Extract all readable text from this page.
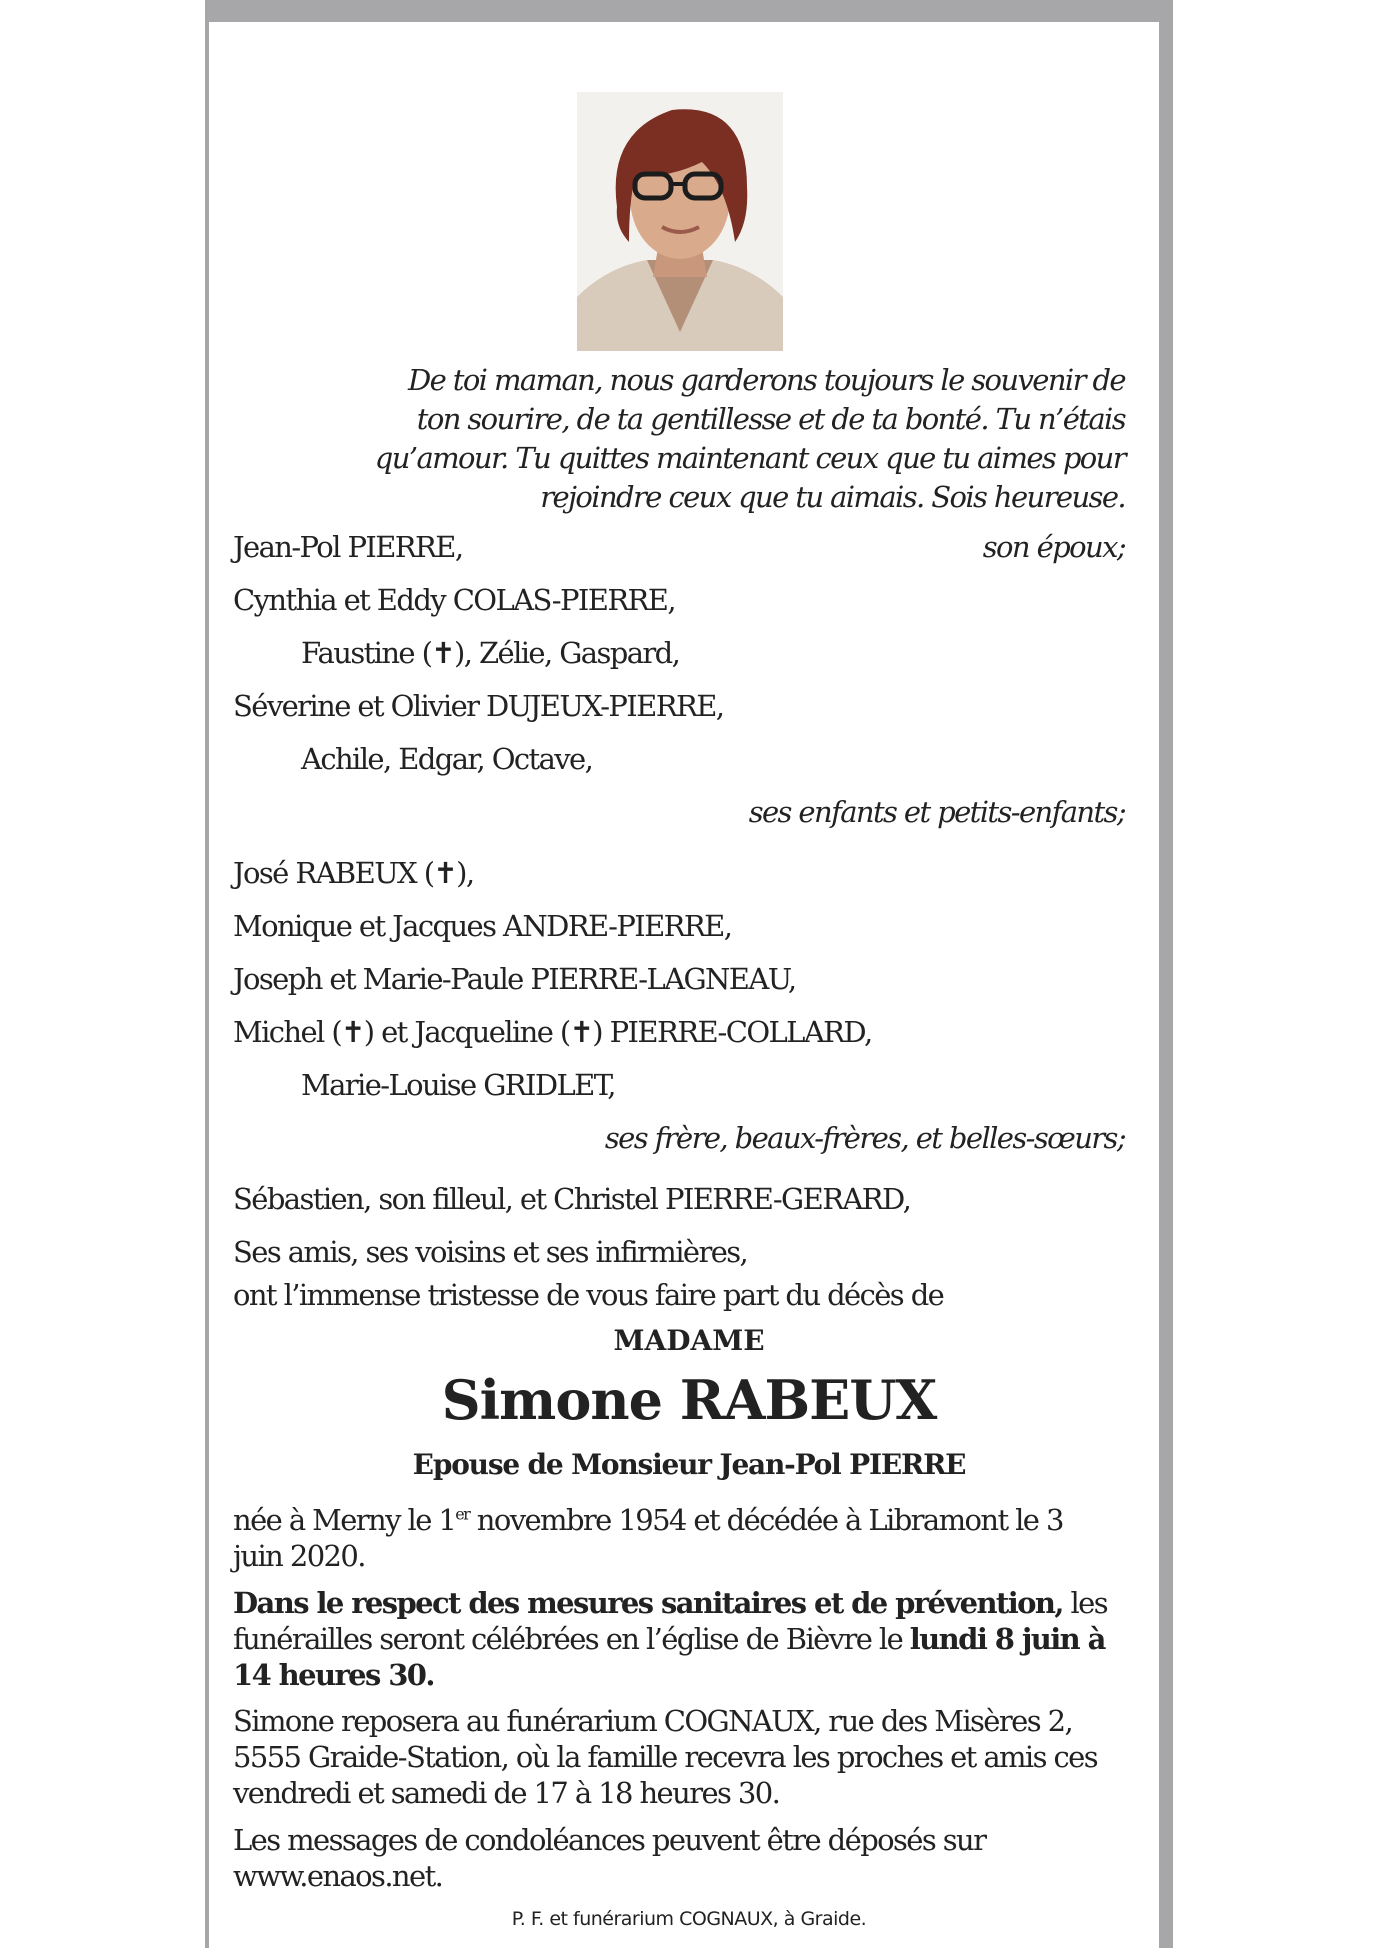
De toi maman, nous garderons toujours le souvenir de
ton sourire, de ta gentillesse et de ta bonté. Tu n’étais
qu’amour. Tu quittes maintenant ceux que tu aimes pour
rejoindre ceux que tu aimais. Sois heureuse.
Jean-Pol PIERRE,	son époux;
Cynthia et Eddy COLAS-PIERRE,
Faustine (✝), Zélie, Gaspard,
Séverine et Olivier DUJEUX-PIERRE,
Achile, Edgar, Octave,
ses enfants et petits-enfants;
José RABEUX (✝),
Monique et Jacques ANDRE-PIERRE,
Joseph et Marie-Paule PIERRE-LAGNEAU,
Michel (✝) et Jacqueline (✝) PIERRE-COLLARD,
Marie-Louise GRIDLET,
ses frère, beaux-frères, et belles-sœurs;
Sébastien, son filleul, et Christel PIERRE-GERARD,
Ses amis, ses voisins et ses infirmières,
ont l’immense tristesse de vous faire part du décès de
MADAME
Simone RABEUX
Epouse de Monsieur Jean-Pol PIERRE

née à Merny le 1er novembre 1954 et décédée à Libramont le 3 juin 2020.

Dans le respect des mesures sanitaires et de prévention, les funérailles seront célébrées en l’église de Bièvre le lundi 8 juin à 14 heures 30.

Simone reposera au funérarium COGNAUX, rue des Misères 2, 5555 Graide-Station, où la famille recevra les proches et amis ces vendredi et samedi de 17 à 18 heures 30.

Les messages de condoléances peuvent être déposés sur www.enaos.net.

P. F. et funérarium COGNAUX, à Graide.
